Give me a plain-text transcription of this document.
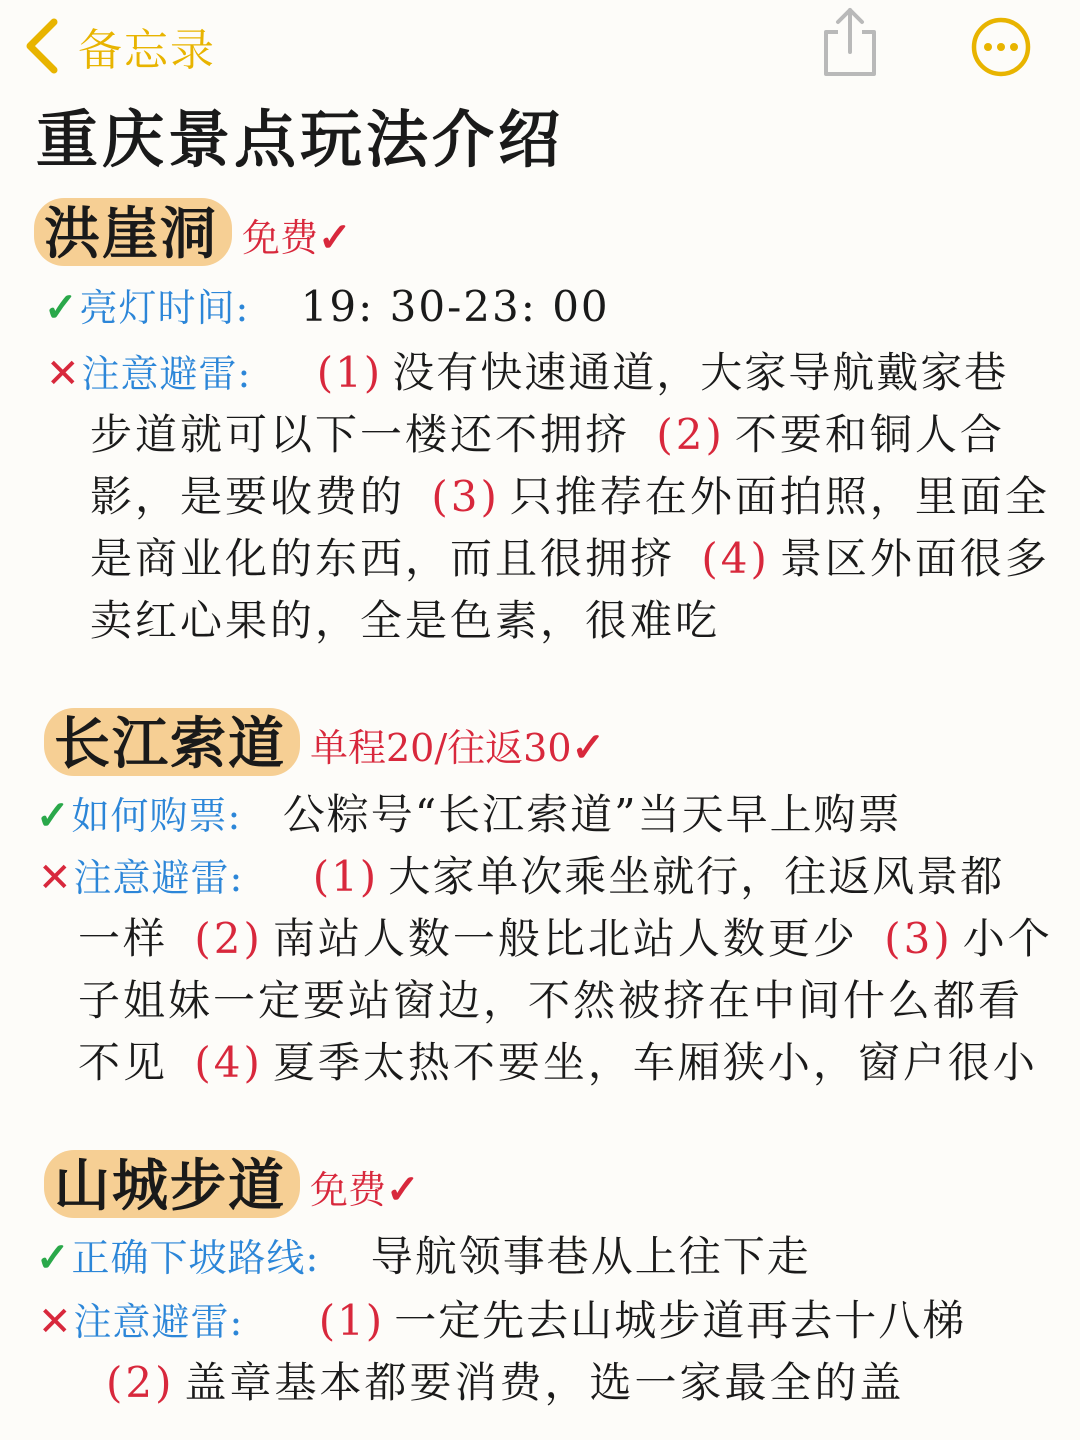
备忘录
重庆景点玩法介绍
洪崖洞 免费✓
✓亮灯时间: 19: 30-23: 00
✕注意避雷: (1) 没有快速通道，大家导航戴家巷
步道就可以下一楼还不拥挤 (2) 不要和铜人合
影，是要收费的 (3) 只推荐在外面拍照，里面全
是商业化的东西，而且很拥挤 (4) 景区外面很多
卖红心果的，全是色素，很难吃
长江索道 单程20/往返30✓
✓如何购票: 公粽号“长江索道”当天早上购票
✕注意避雷: (1) 大家单次乘坐就行，往返风景都
一样 (2) 南站人数一般比北站人数更少 (3) 小个
子姐妹一定要站窗边，不然被挤在中间什么都看
不见 (4) 夏季太热不要坐，车厢狭小，窗户很小
山城步道 免费✓
✓正确下坡路线: 导航领事巷从上往下走
✕注意避雷: (1) 一定先去山城步道再去十八梯
(2) 盖章基本都要消费，选一家最全的盖
